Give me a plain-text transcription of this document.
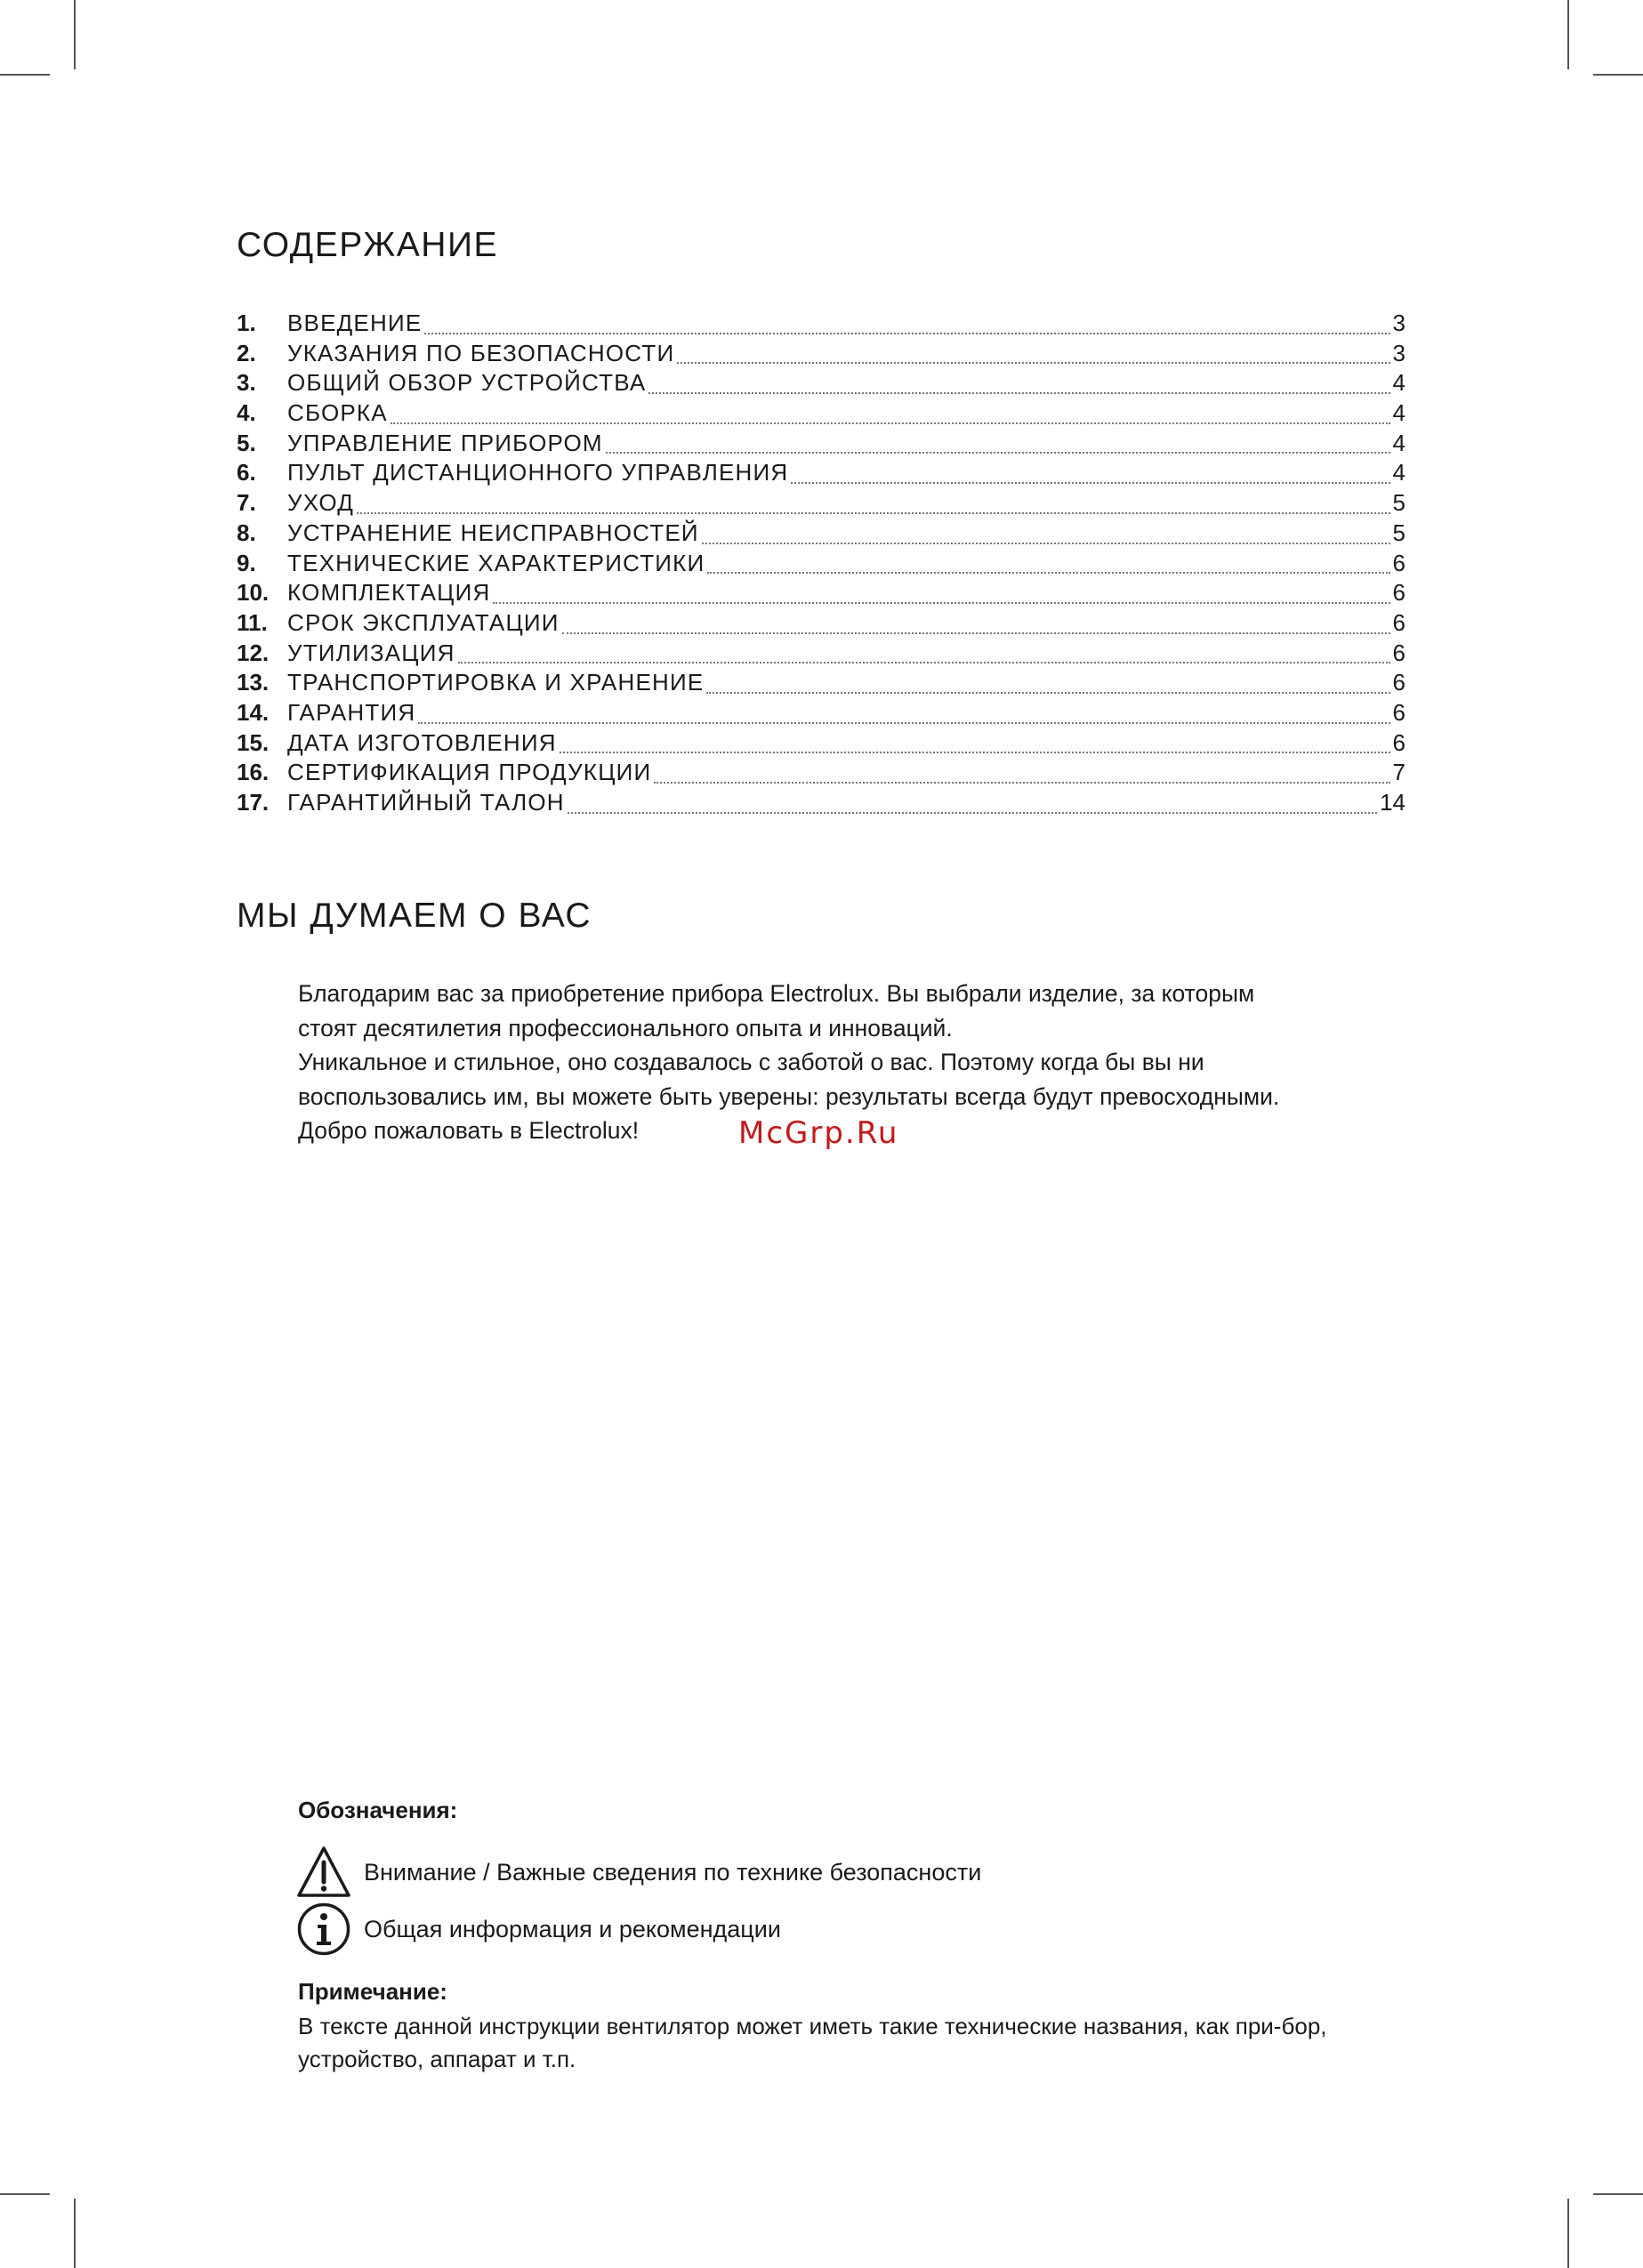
СОДЕРЖАНИЕ
1.	ВВЕДЕНИЕ	3
2.	УКАЗАНИЯ ПО БЕЗОПАСНОСТИ	3
3.	ОБЩИЙ ОБЗОР УСТРОЙСТВА	4
4.	СБОРКА	4
5.	УПРАВЛЕНИЕ ПРИБОРОМ	4
6.	ПУЛЬТ ДИСТАНЦИОННОГО УПРАВЛЕНИЯ	4
7.	УХОД	5
8.	УСТРАНЕНИЕ НЕИСПРАВНОСТЕЙ	5
9.	ТЕХНИЧЕСКИЕ ХАРАКТЕРИСТИКИ	6
10. КОМПЛЕКТАЦИЯ	6
11. СРОК ЭКСПЛУАТАЦИИ	6
12. УТИЛИЗАЦИЯ	6
13. ТРАНСПОРТИРОВКА И ХРАНЕНИЕ	6
14. ГАРАНТИЯ	6
15. ДАТА ИЗГОТОВЛЕНИЯ	6
16. СЕРТИФИКАЦИЯ ПРОДУКЦИИ	7
17. ГАРАНТИЙНЫЙ ТАЛОН	14
МЫ ДУМАЕМ О ВАС

Благодарим вас за приобретение прибора Electrolux. Вы выбрали изделие, за которым

стоят десятилетия профессионального опыта и инноваций.

Уникальное и стильное, оно создавалось с заботой о вас. Поэтому когда бы вы ни

воспользовались им, вы можете быть уверены: результаты всегда будут превосходными.

Добро пожаловать в Electrolux!	McGrp.Ru
Обозначения:
Внимание / Важные сведения по технике безопасности
Общая информация и рекомендации
Примечание:

В тексте данной инструкции вентилятор может иметь такие технические названия, как при-бор, устройство, аппарат и т.п.
